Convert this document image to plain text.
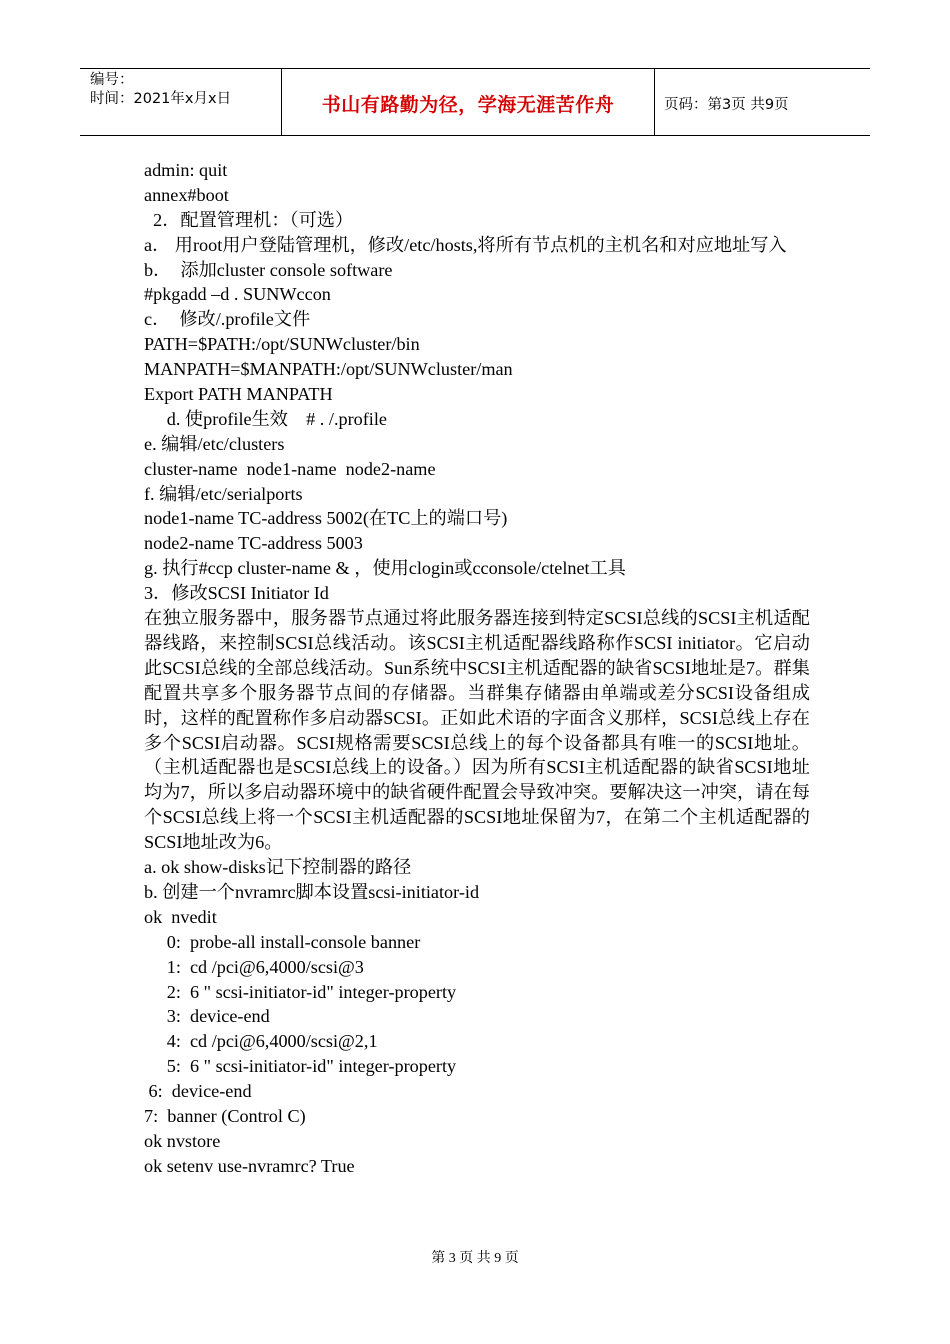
编号：
时间：2021年x月x日	书山有路勤为径，学海无涯苦作舟	页码：第3页 共9页
admin: quit
annex#boot
2．配置管理机：（可选）
a． 用root用户登陆管理机，修改/etc/hosts,将所有节点机的主机名和对应地址写入
b．  添加cluster console software
#pkgadd –d . SUNWccon
c．  修改/.profile文件
PATH=$PATH:/opt/SUNWcluster/bin
MANPATH=$MANPATH:/opt/SUNWcluster/man
Export PATH MANPATH
d. 使profile生效    # . /.profile
e. 编辑/etc/clusters
cluster-name  node1-name  node2-name
f. 编辑/etc/serialports
node1-name TC-address 5002(在TC上的端口号)
node2-name TC-address 5003
g. 执行#ccp cluster-name & ，使用clogin或cconsole/ctelnet工具
3．修改SCSI Initiator Id
在独立服务器中，服务器节点通过将此服务器连接到特定SCSI总线的SCSI主机适配器线路，来控制SCSI总线活动。该SCSI主机适配器线路称作SCSI initiator。它启动此SCSI总线的全部总线活动。Sun系统中SCSI主机适配器的缺省SCSI地址是7。群集配置共享多个服务器节点间的存储器。当群集存储器由单端或差分SCSI设备组成时，这样的配置称作多启动器SCSI。正如此术语的字面含义那样，SCSI总线上存在多个SCSI启动器。SCSI规格需要SCSI总线上的每个设备都具有唯一的SCSI地址。（主机适配器也是SCSI总线上的设备。）因为所有SCSI主机适配器的缺省SCSI地址均为7，所以多启动器环境中的缺省硬件配置会导致冲突。要解决这一冲突，请在每个SCSI总线上将一个SCSI主机适配器的SCSI地址保留为7，在第二个主机适配器的SCSI地址改为6。
a. ok show-disks记下控制器的路径
b. 创建一个nvramrc脚本设置scsi-initiator-id
ok  nvedit
0:  probe-all install-console banner
1:  cd /pci@6,4000/scsi@3
2:  6 " scsi-initiator-id" integer-property
3:  device-end
4:  cd /pci@6,4000/scsi@2,1
5:  6 " scsi-initiator-id" integer-property
6:  device-end
7:  banner (Control C)
ok nvstore
ok setenv use-nvramrc? True
第 3 页 共 9 页
